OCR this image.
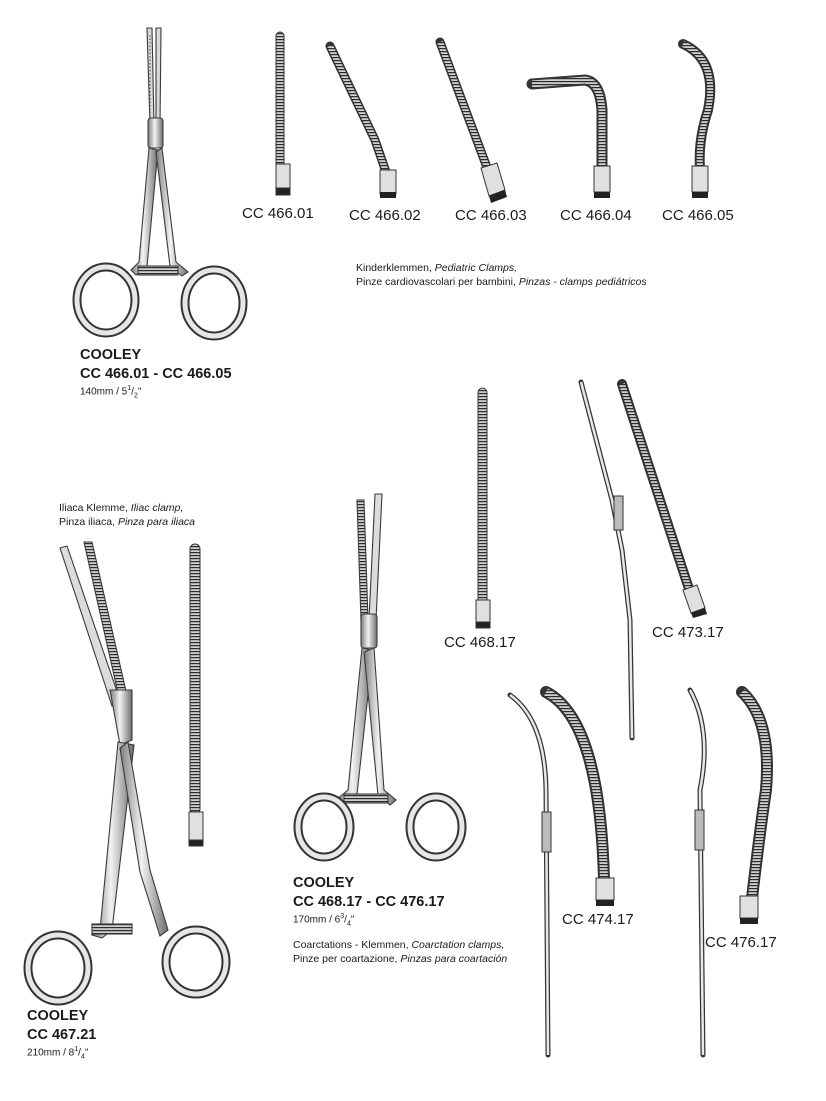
CC 466.01 CC 466.02 CC 466.03 CC 466.04 CC 466.05
Kinderklemmen, Pediatric Clamps,
Pinze cardiovascolari per bambini, Pinzas - clamps pediátricos
COOLEY
CC 466.01 - CC 466.05
$140mm / 5^1/_2$"
Iliaca Klemme, Iliac clamp,
Pinza iliaca, Pinza para iliaca
CC 468.17
CC 473.17
CC 474.17
CC 476.17
COOLEY
CC 468.17 - CC 476.17
$170mm / 6^3/_4$"
Coarctations - Klemmen, Coarctation clamps,
Pinze per coartazione, Pinzas para coartación
COOLEY
CC 467.21
$210mm / 8^1/_4$"
